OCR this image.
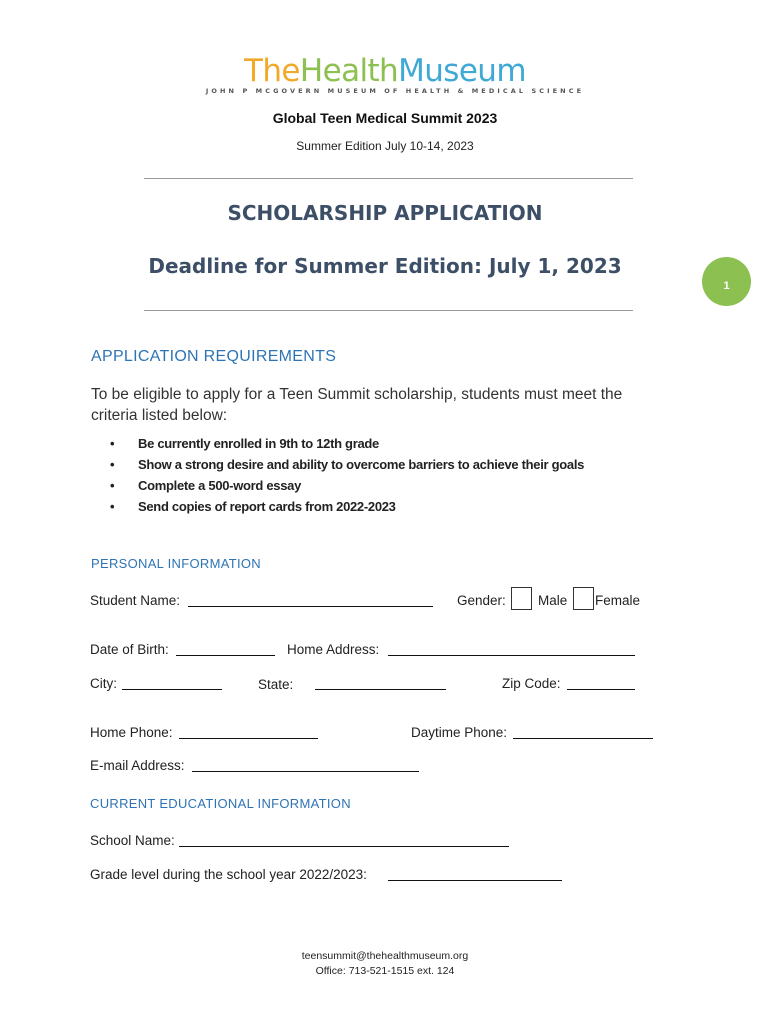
TheHealthMuseum
JOHN P MCGOVERN MUSEUM OF HEALTH & MEDICAL SCIENCE
Global Teen Medical Summit 2023
Summer Edition July 10-14, 2023
SCHOLARSHIP APPLICATION
Deadline for Summer Edition: July 1, 2023
1
APPLICATION REQUIREMENTS
To be eligible to apply for a Teen Summit scholarship, students must meet the criteria listed below:
• Be currently enrolled in 9th to 12th grade
• Show a strong desire and ability to overcome barriers to achieve their goals
• Complete a 500-word essay
• Send copies of report cards from 2022-2023
PERSONAL INFORMATION
Student Name:	Gender: Male Female
Date of Birth:	Home Address:
City:	State:	Zip Code:
Home Phone:	Daytime Phone:
E-mail Address:
CURRENT EDUCATIONAL INFORMATION
School Name:
Grade level during the school year 2022/2023:
teensummit@thehealthmuseum.org
Office: 713-521-1515 ext. 124
